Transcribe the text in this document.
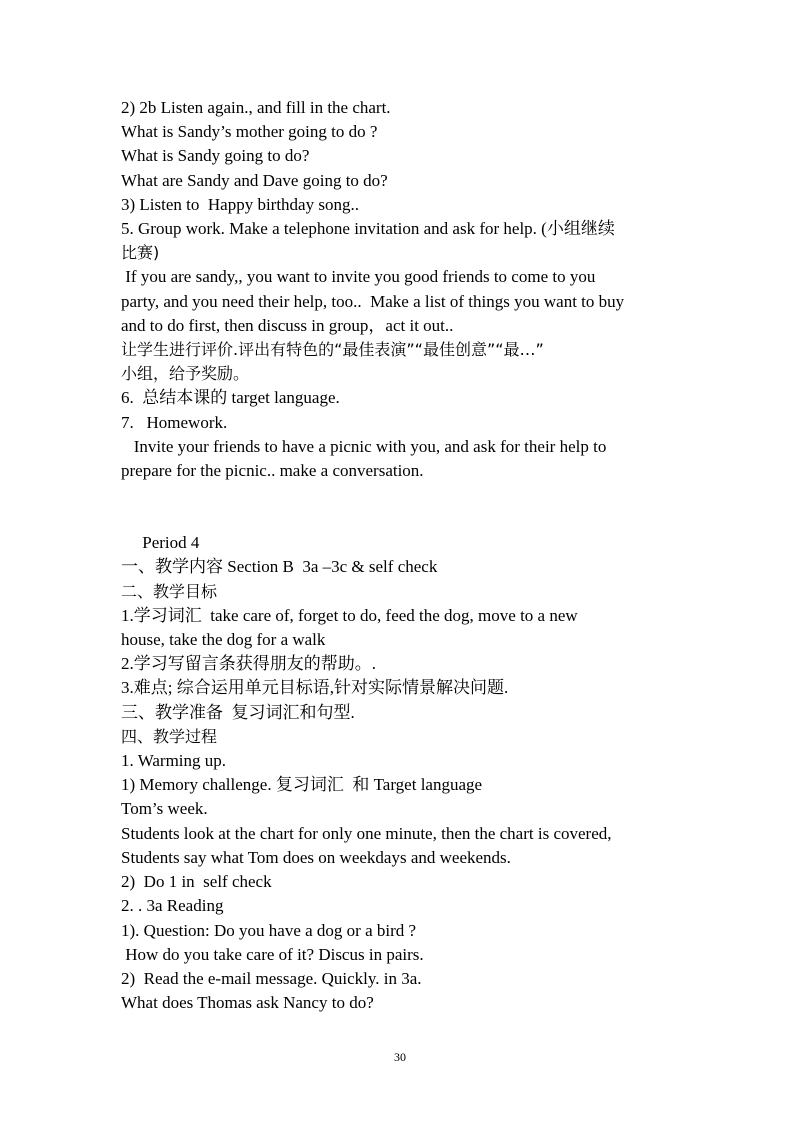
2) 2b Listen again., and fill in the chart.

What is Sandy’s mother going to do ?

What is Sandy going to do?

What are Sandy and Dave going to do?

3) Listen to  Happy birthday song..

5. Group work. Make a telephone invitation and ask for help. (小组继续

比赛)

If you are sandy,, you want to invite you good friends to come to you

party, and you need their help, too..  Make a list of things you want to buy

and to do first, then discuss in group，act it out..

让学生进行评价.评出有特色的“最佳表演”“最佳创意”“最…”

小组，给予奖励。

6.  总结本课的 target language.

7.   Homework.

Invite your friends to have a picnic with you, and ask for their help to

prepare for the picnic.. make a conversation.

Period 4

一、教学内容 Section B  3a –3c & self check

二、教学目标

1.学习词汇  take care of, forget to do, feed the dog, move to a new

house, take the dog for a walk

2.学习写留言条获得朋友的帮助。.

3.难点; 综合运用单元目标语,针对实际情景解决问题.

三、教学准备  复习词汇和句型.

四、教学过程

1. Warming up.

1) Memory challenge. 复习词汇  和 Target language

Tom’s week.

Students look at the chart for only one minute, then the chart is covered,

Students say what Tom does on weekdays and weekends.

2)  Do 1 in  self check

2. . 3a Reading

1). Question: Do you have a dog or a bird ?

How do you take care of it? Discus in pairs.

2)  Read the e-mail message. Quickly. in 3a.

What does Thomas ask Nancy to do?

30
